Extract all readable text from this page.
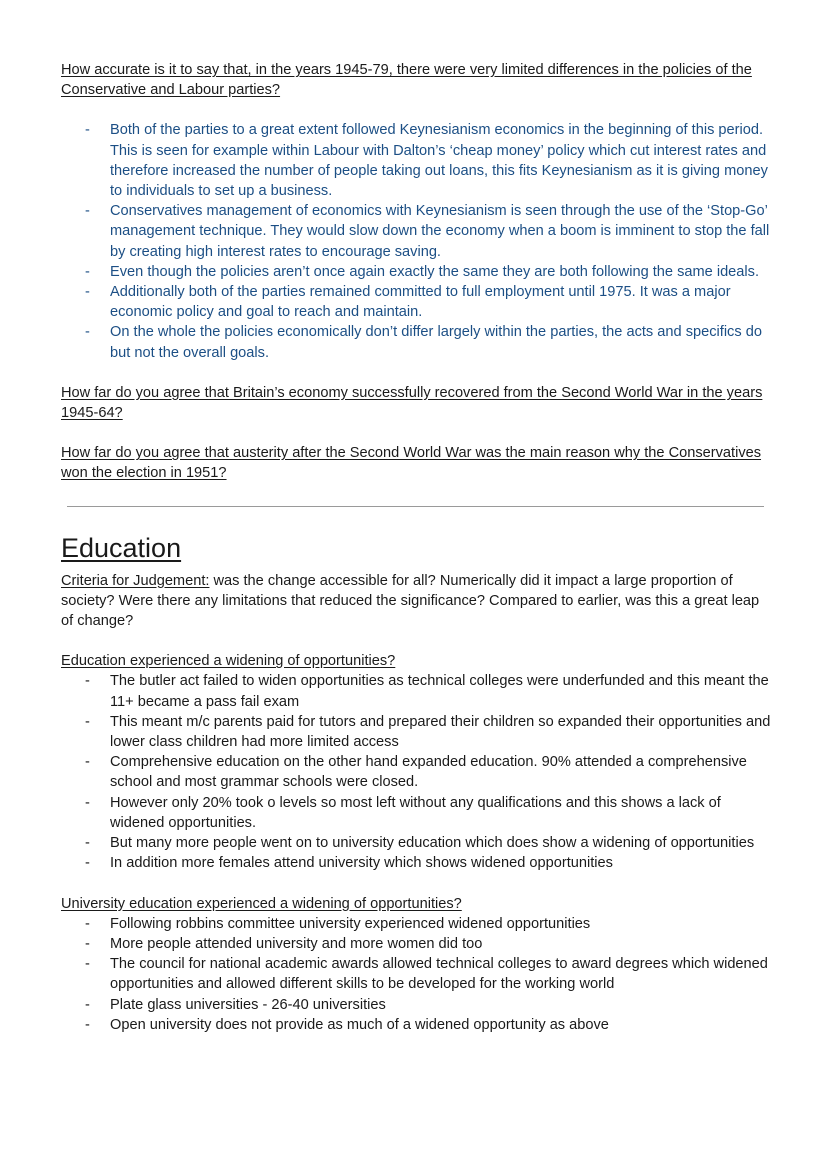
How accurate is it to say that, in the years 1945-79, there were very limited differences in the policies of the Conservative and Labour parties?

- Both of the parties to a great extent followed Keynesianism economics in the beginning of this period. This is seen for example within Labour with Dalton’s ‘cheap money’ policy which cut interest rates and therefore increased the number of people taking out loans, this fits Keynesianism as it is giving money to individuals to set up a business.
- Conservatives management of economics with Keynesianism is seen through the use of the ‘Stop-Go’ management technique. They would slow down the economy when a boom is imminent to stop the fall by creating high interest rates to encourage saving.
- Even though the policies aren’t once again exactly the same they are both following the same ideals.
- Additionally both of the parties remained committed to full employment until 1975. It was a major economic policy and goal to reach and maintain.
- On the whole the policies economically don’t differ largely within the parties, the acts and specifics do but not the overall goals.

How far do you agree that Britain’s economy successfully recovered from the Second World War in the years 1945-64?

How far do you agree that austerity after the Second World War was the main reason why the Conservatives won the election in 1951?

Education

Criteria for Judgement: was the change accessible for all? Numerically did it impact a large proportion of society? Were there any limitations that reduced the significance? Compared to earlier, was this a great leap of change?

Education experienced a widening of opportunities?

- The butler act failed to widen opportunities as technical colleges were underfunded and this meant the 11+ became a pass fail exam
- This meant m/c parents paid for tutors and prepared their children so expanded their opportunities and lower class children had more limited access
- Comprehensive education on the other hand expanded education. 90% attended a comprehensive school and most grammar schools were closed.
- However only 20% took o levels so most left without any qualifications and this shows a lack of widened opportunities.
- But many more people went on to university education which does show a widening of opportunities
- In addition more females attend university which shows widened opportunities

University education experienced a widening of opportunities?

- Following robbins committee university experienced widened opportunities
- More people attended university and more women did too
- The council for national academic awards allowed technical colleges to award degrees which widened opportunities and allowed different skills to be developed for the working world
- Plate glass universities - 26-40 universities
- Open university does not provide as much of a widened opportunity as above
